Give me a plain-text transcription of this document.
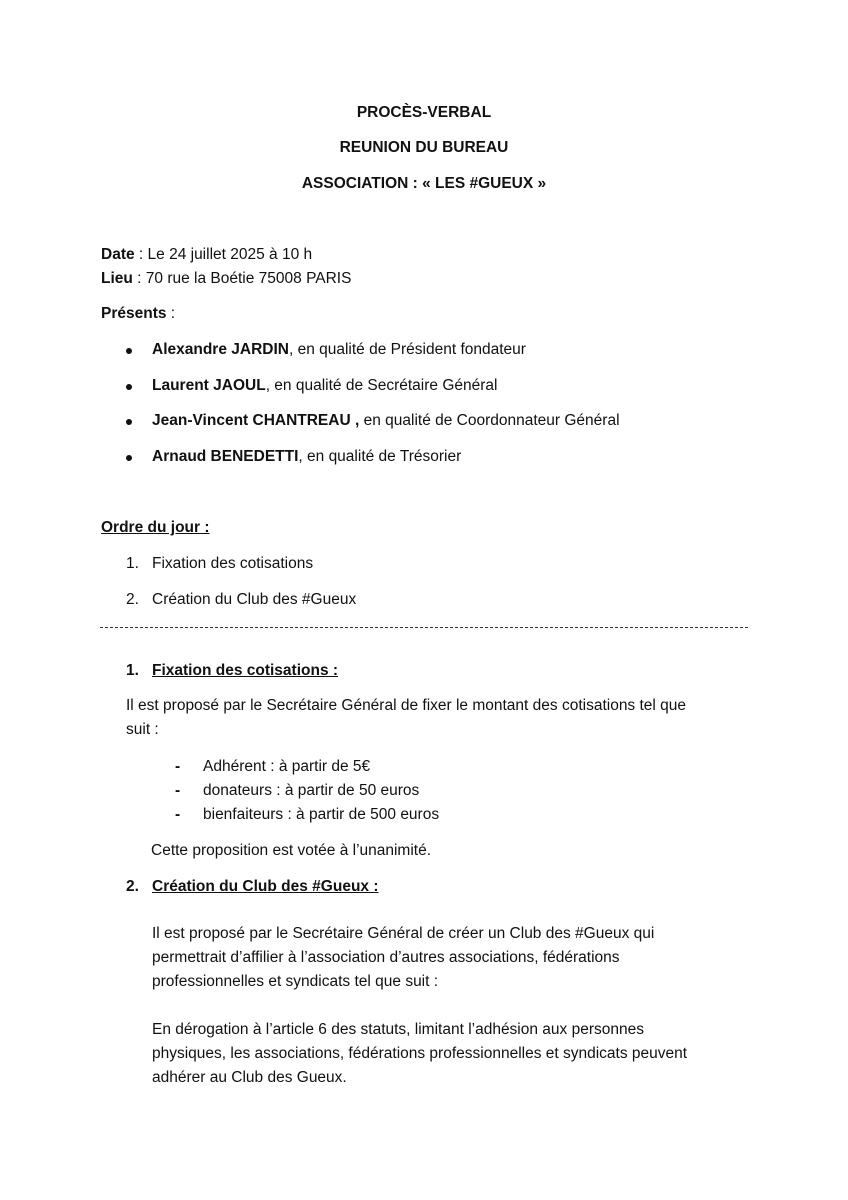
PROCÈS-VERBAL
REUNION DU BUREAU
ASSOCIATION : « LES #GUEUX »
Date : Le 24 juillet 2025 à 10 h
Lieu : 70 rue la Boétie 75008 PARIS
Présents :
Alexandre JARDIN, en qualité de Président fondateur
Laurent JAOUL, en qualité de Secrétaire Général
Jean-Vincent CHANTREAU , en qualité de Coordonnateur Général
Arnaud BENEDETTI, en qualité de Trésorier
Ordre du jour :
1. Fixation des cotisations
2. Création du Club des #Gueux
1. Fixation des cotisations :
Il est proposé par le Secrétaire Général de fixer le montant des cotisations tel que
suit :
- Adhérent : à partir de 5€
- donateurs : à partir de 50 euros
- bienfaiteurs : à partir de 500 euros
Cette proposition est votée à l’unanimité.
2. Création du Club des #Gueux :
Il est proposé par le Secrétaire Général de créer un Club des #Gueux qui
permettrait d’affilier à l’association d’autres associations, fédérations
professionnelles et syndicats tel que suit :
En dérogation à l’article 6 des statuts, limitant l’adhésion aux personnes
physiques, les associations, fédérations professionnelles et syndicats peuvent
adhérer au Club des Gueux.
